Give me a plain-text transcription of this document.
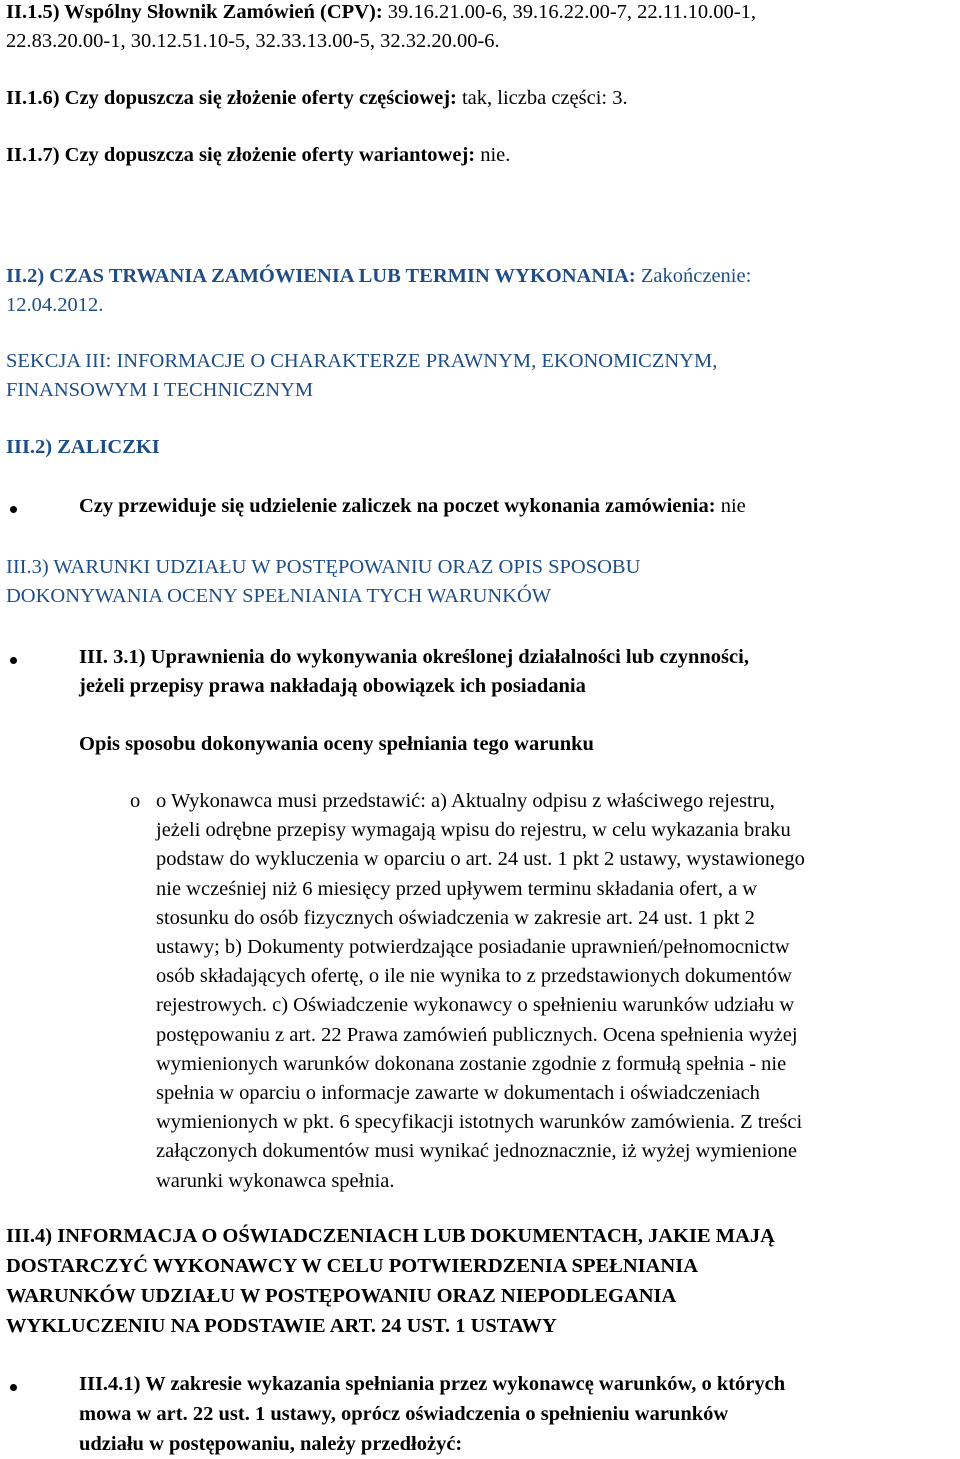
II.1.5) Wspólny Słownik Zamówień (CPV): 39.16.21.00-6, 39.16.22.00-7, 22.11.10.00-1,
22.83.20.00-1, 30.12.51.10-5, 32.33.13.00-5, 32.32.20.00-6.
II.1.6) Czy dopuszcza się złożenie oferty częściowej: tak, liczba części: 3.
II.1.7) Czy dopuszcza się złożenie oferty wariantowej: nie.
II.2) CZAS TRWANIA ZAMÓWIENIA LUB TERMIN WYKONANIA: Zakończenie:
12.04.2012.
SEKCJA III: INFORMACJE O CHARAKTERZE PRAWNYM, EKONOMICZNYM,
FINANSOWYM I TECHNICZNYM
III.2) ZALICZKI
Czy przewiduje się udzielenie zaliczek na poczet wykonania zamówienia: nie
III.3) WARUNKI UDZIAŁU W POSTĘPOWANIU ORAZ OPIS SPOSOBU
DOKONYWANIA OCENY SPEŁNIANIA TYCH WARUNKÓW
III. 3.1) Uprawnienia do wykonywania określonej działalności lub czynności,
jeżeli przepisy prawa nakładają obowiązek ich posiadania
Opis sposobu dokonywania oceny spełniania tego warunku
o o Wykonawca musi przedstawić: a) Aktualny odpisu z właściwego rejestru,
jeżeli odrębne przepisy wymagają wpisu do rejestru, w celu wykazania braku
podstaw do wykluczenia w oparciu o art. 24 ust. 1 pkt 2 ustawy, wystawionego
nie wcześniej niż 6 miesięcy przed upływem terminu składania ofert, a w
stosunku do osób fizycznych oświadczenia w zakresie art. 24 ust. 1 pkt 2
ustawy; b) Dokumenty potwierdzające posiadanie uprawnień/pełnomocnictw
osób składających ofertę, o ile nie wynika to z przedstawionych dokumentów
rejestrowych. c) Oświadczenie wykonawcy o spełnieniu warunków udziału w
postępowaniu z art. 22 Prawa zamówień publicznych. Ocena spełnienia wyżej
wymienionych warunków dokonana zostanie zgodnie z formułą spełnia - nie
spełnia w oparciu o informacje zawarte w dokumentach i oświadczeniach
wymienionych w pkt. 6 specyfikacji istotnych warunków zamówienia. Z treści
załączonych dokumentów musi wynikać jednoznacznie, iż wyżej wymienione
warunki wykonawca spełnia.
III.4) INFORMACJA O OŚWIADCZENIACH LUB DOKUMENTACH, JAKIE MAJĄ
DOSTARCZYĆ WYKONAWCY W CELU POTWIERDZENIA SPEŁNIANIA
WARUNKÓW UDZIAŁU W POSTĘPOWANIU ORAZ NIEPODLEGANIA
WYKLUCZENIU NA PODSTAWIE ART. 24 UST. 1 USTAWY
III.4.1) W zakresie wykazania spełniania przez wykonawcę warunków, o których
mowa w art. 22 ust. 1 ustawy, oprócz oświadczenia o spełnieniu warunków
udziału w postępowaniu, należy przedłożyć:
